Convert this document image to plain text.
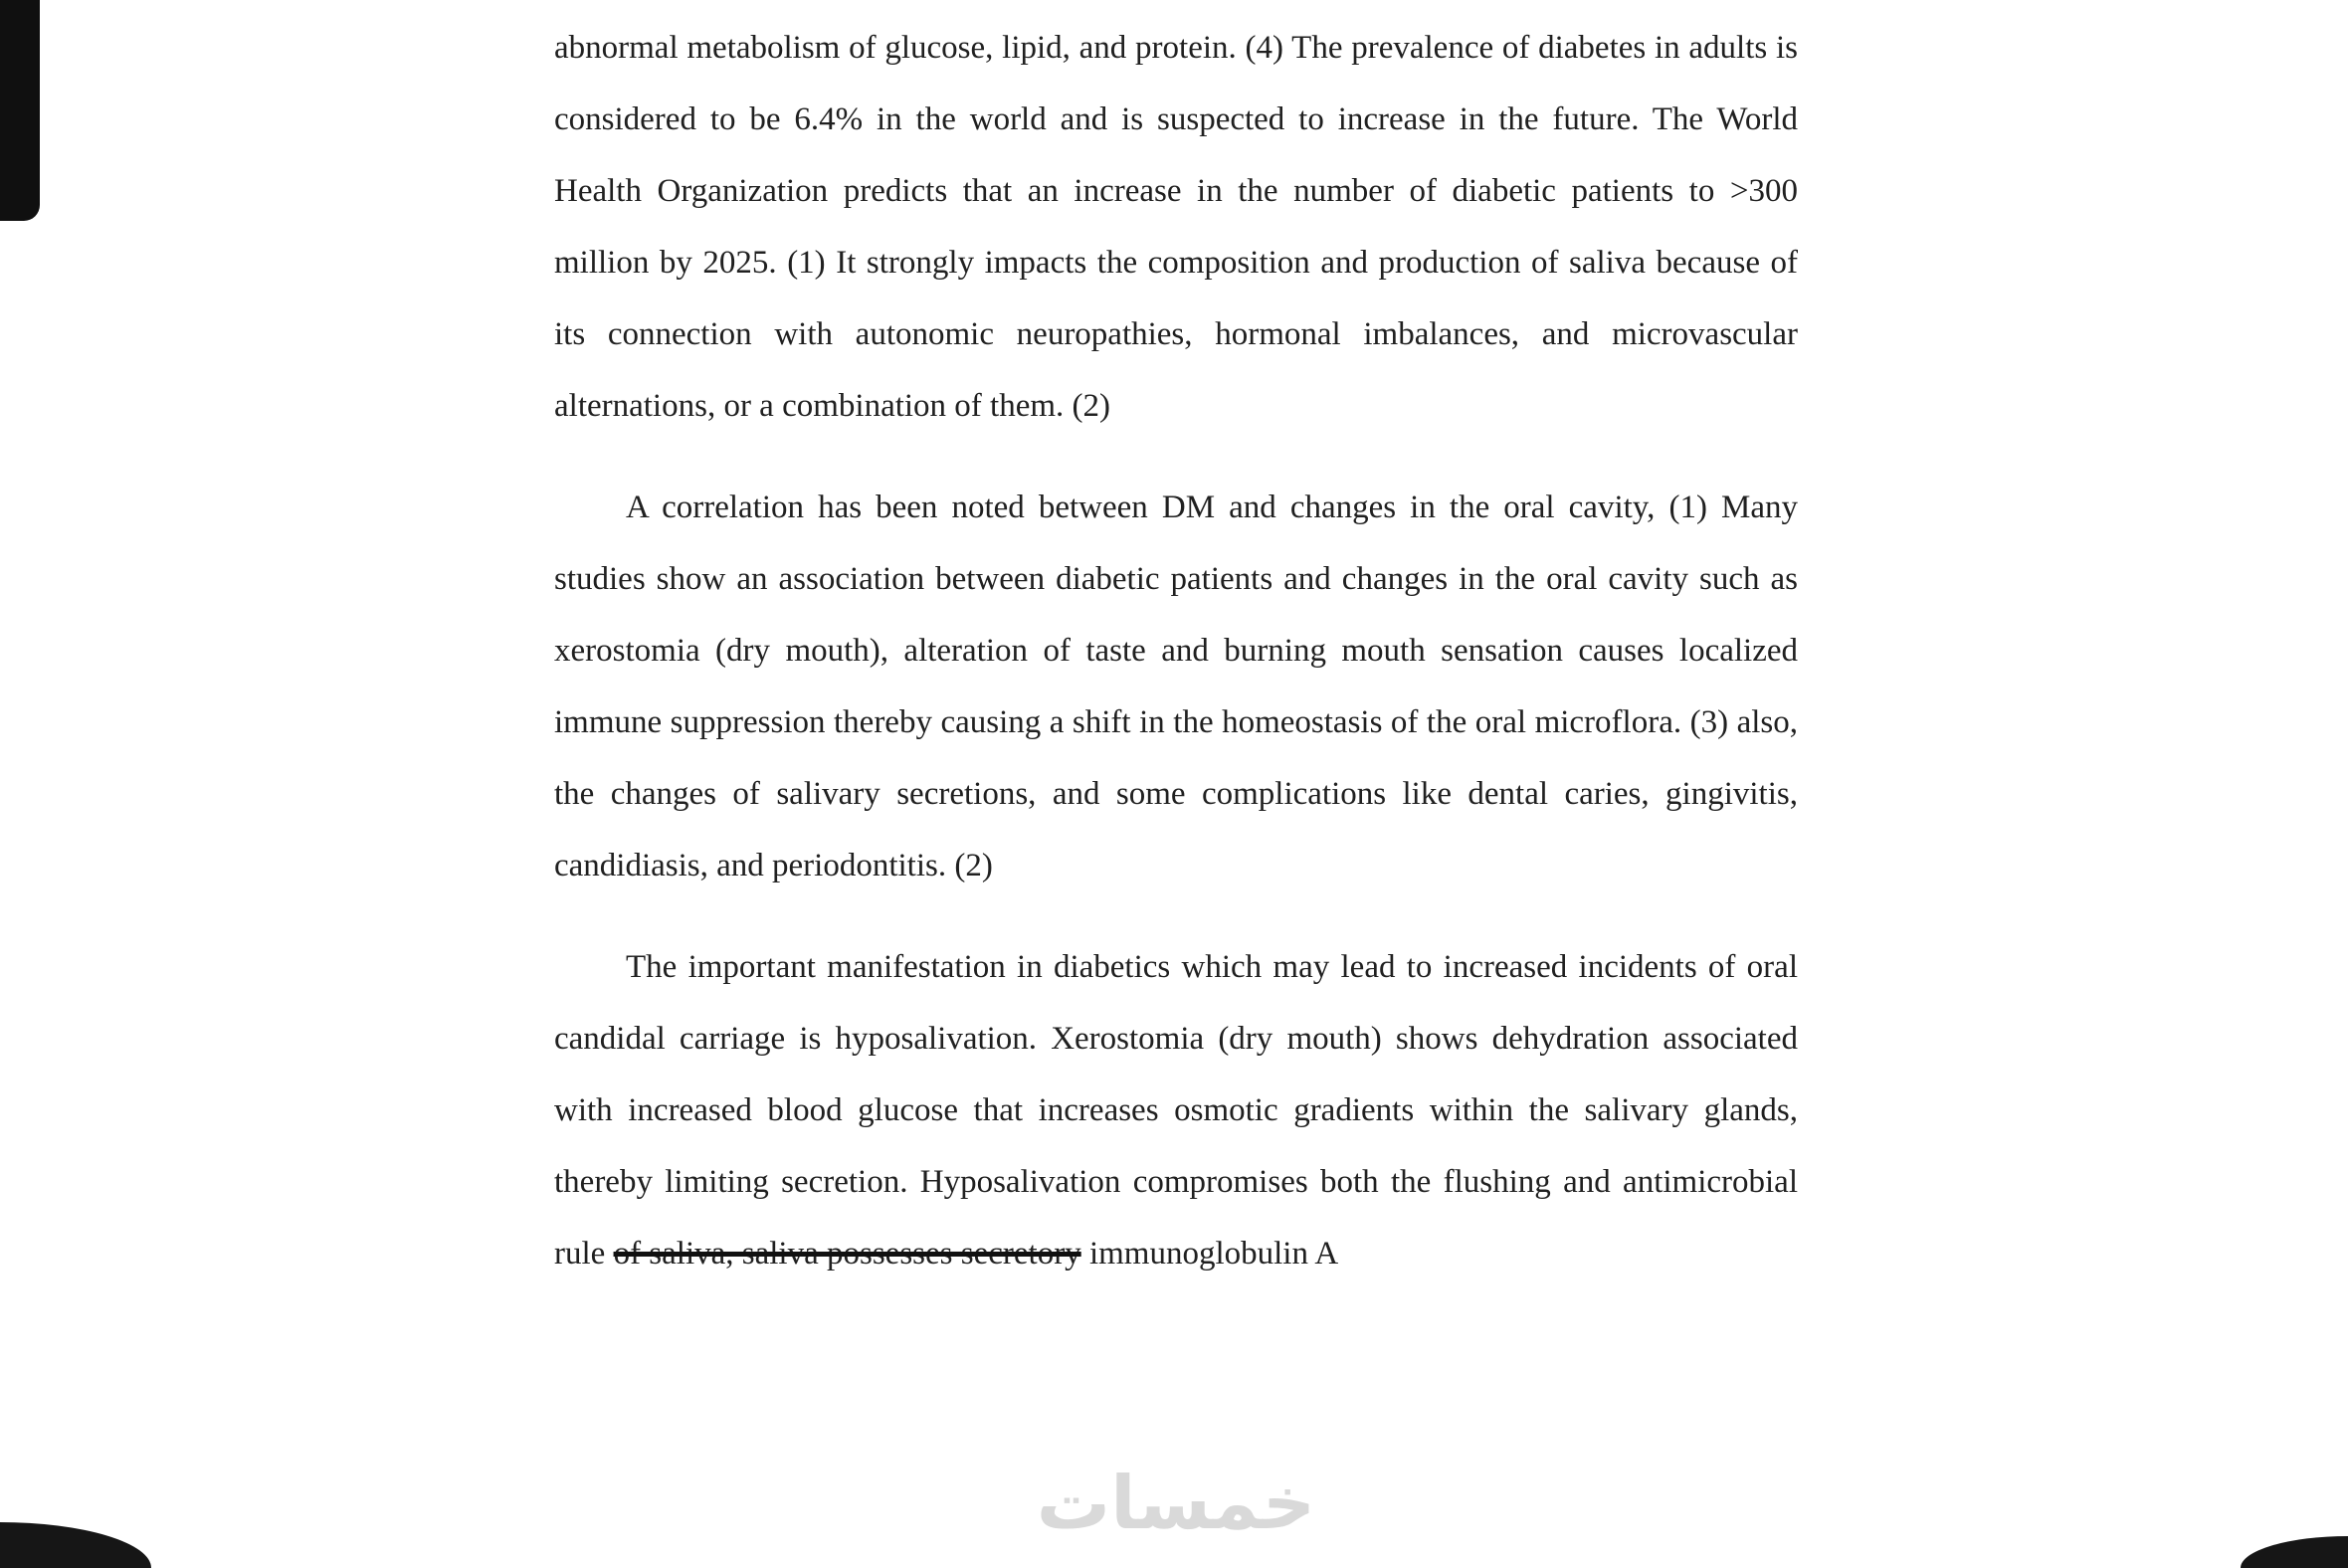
خمسات

abnormal metabolism of glucose, lipid, and protein. (4) The prevalence of diabetes in adults is considered to be 6.4% in the world and is suspected to increase in the future. The World Health Organization predicts that an increase in the number of diabetic patients to >300 million by 2025. (1) It strongly impacts the composition and production of saliva because of its connection with autonomic neuropathies, hormonal imbalances, and microvascular alternations, or a combination of them. (2)

A correlation has been noted between DM and changes in the oral cavity, (1) Many studies show an association between diabetic patients and changes in the oral cavity such as xerostomia (dry mouth), alteration of taste and burning mouth sensation causes localized immune suppression thereby causing a shift in the homeostasis of the oral microflora. (3) also, the changes of salivary secretions, and some complications like dental caries, gingivitis, candidiasis, and periodontitis. (2)

The important manifestation in diabetics which may lead to increased incidents of oral candidal carriage is hyposalivation. Xerostomia (dry mouth) shows dehydration associated with increased blood glucose that increases osmotic gradients within the salivary glands, thereby limiting secretion. Hyposalivation compromises both the flushing and antimicrobial rule of saliva, saliva possesses secretory immunoglobulin A
